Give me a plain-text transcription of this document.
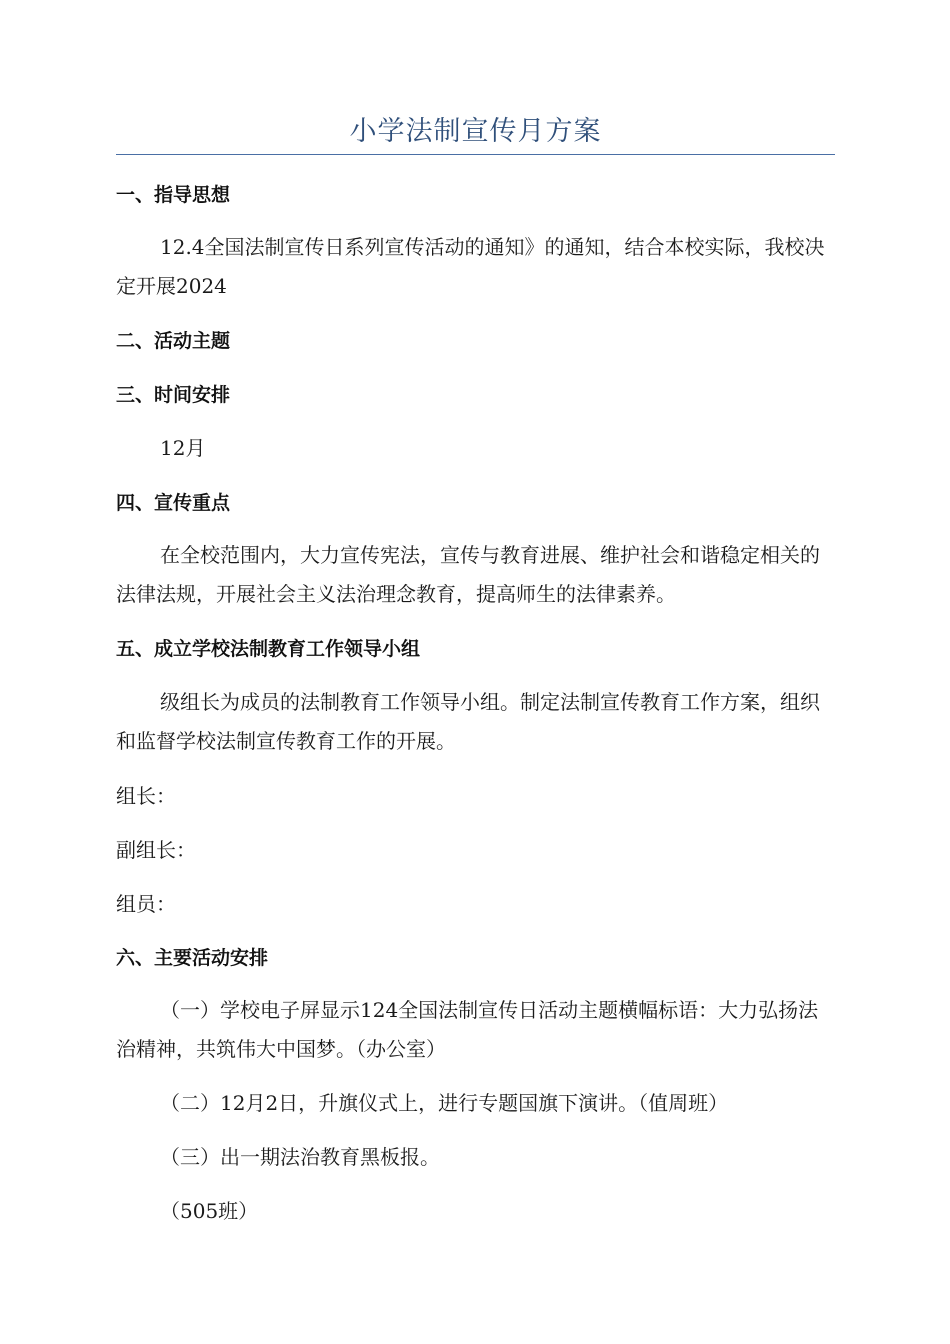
小学法制宣传月方案
一、指导思想
12.4全国法制宣传日系列宣传活动的通知》的通知，结合本校实际，我校决定开展2024
二、活动主题
三、时间安排
12月
四、宣传重点
在全校范围内，大力宣传宪法，宣传与教育进展、维护社会和谐稳定相关的法律法规，开展社会主义法治理念教育，提高师生的法律素养。
五、成立学校法制教育工作领导小组
级组长为成员的法制教育工作领导小组。制定法制宣传教育工作方案，组织和监督学校法制宣传教育工作的开展。
组长：
副组长：
组员：
六、主要活动安排
（一）学校电子屏显示124全国法制宣传日活动主题横幅标语：大力弘扬法治精神，共筑伟大中国梦。（办公室）
（二）12月2日，升旗仪式上，进行专题国旗下演讲。（值周班）
（三）出一期法治教育黑板报。
（505班）
